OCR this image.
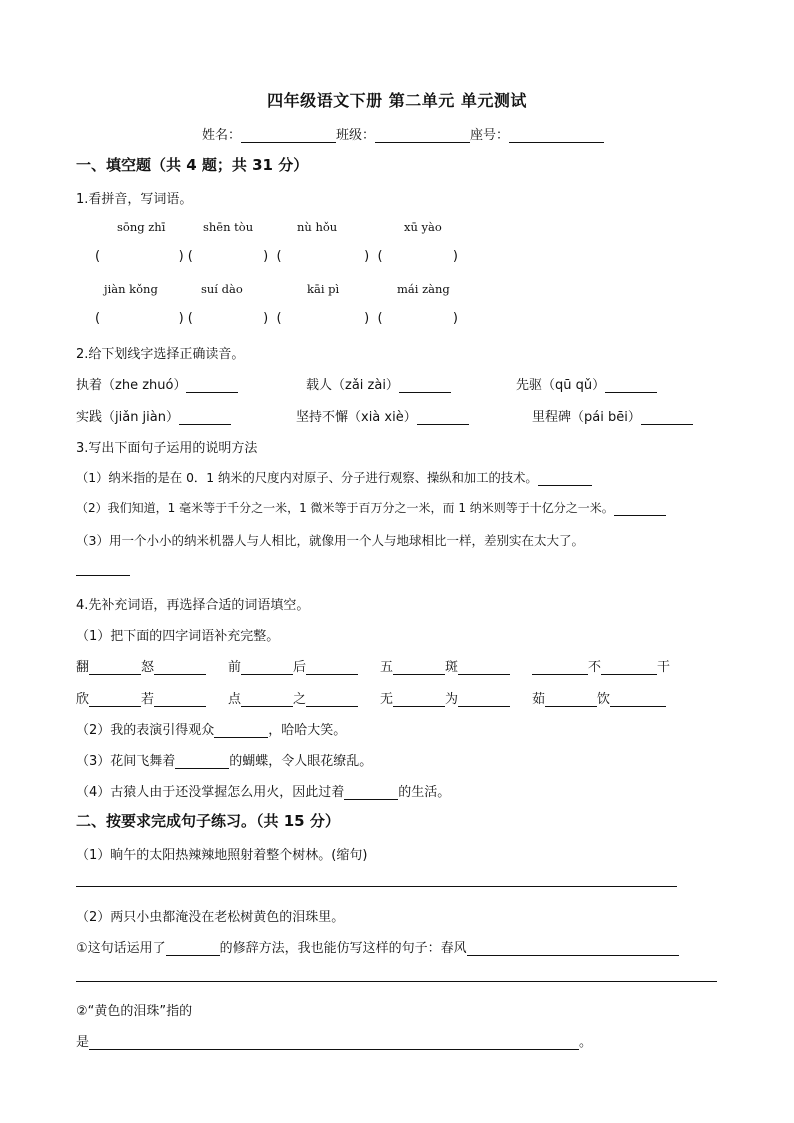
四年级语文下册 第二单元 单元测试
姓名：	班级：	座号：
一、填空题（共 4 题；共 31 分）
1.看拼音，写词语。
sōng zhī	shēn tòu	nù hǒu	xū yào
(                   ) (                 )  (                    )  (                 )
jiàn kǒng	suí dào	kāi pì	mái zàng
(                   ) (                 )  (                    )  (                 )
2.给下划线字选择正确读音。
执着（zhe zhuó）	载人（zǎi zài）	先驱（qū qǔ）
实践（jiǎn jiàn）	坚持不懈（xià xiè）	里程碑（pái bēi）
3.写出下面句子运用的说明方法
（1）纳米指的是在 0．1 纳米的尺度内对原子、分子进行观察、操纵和加工的技术。
（2）我们知道，1 毫米等于千分之一米，1 微米等于百万分之一米，而 1 纳米则等于十亿分之一米。
（3）用一个小小的纳米机器人与人相比，就像用一个人与地球相比一样，差别实在太大了。
4.先补充词语，再选择合适的词语填空。
（1）把下面的四字词语补充完整。
翻	怒	前	后	五	斑	不	干
欣	若	点	之	无	为	茹	饮
（2）我的表演引得观众	，哈哈大笑。
（3）花间飞舞着	的蝴蝶，令人眼花缭乱。
（4）古猿人由于还没掌握怎么用火，因此过着	的生活。
二、按要求完成句子练习。（共 15 分）
（1）晌午的太阳热辣辣地照射着整个树林。(缩句)
（2）两只小虫都淹没在老松树黄色的泪珠里。
①这句话运用了	的修辞方法，我也能仿写这样的句子：春风
②“黄色的泪珠”指的
是	。
